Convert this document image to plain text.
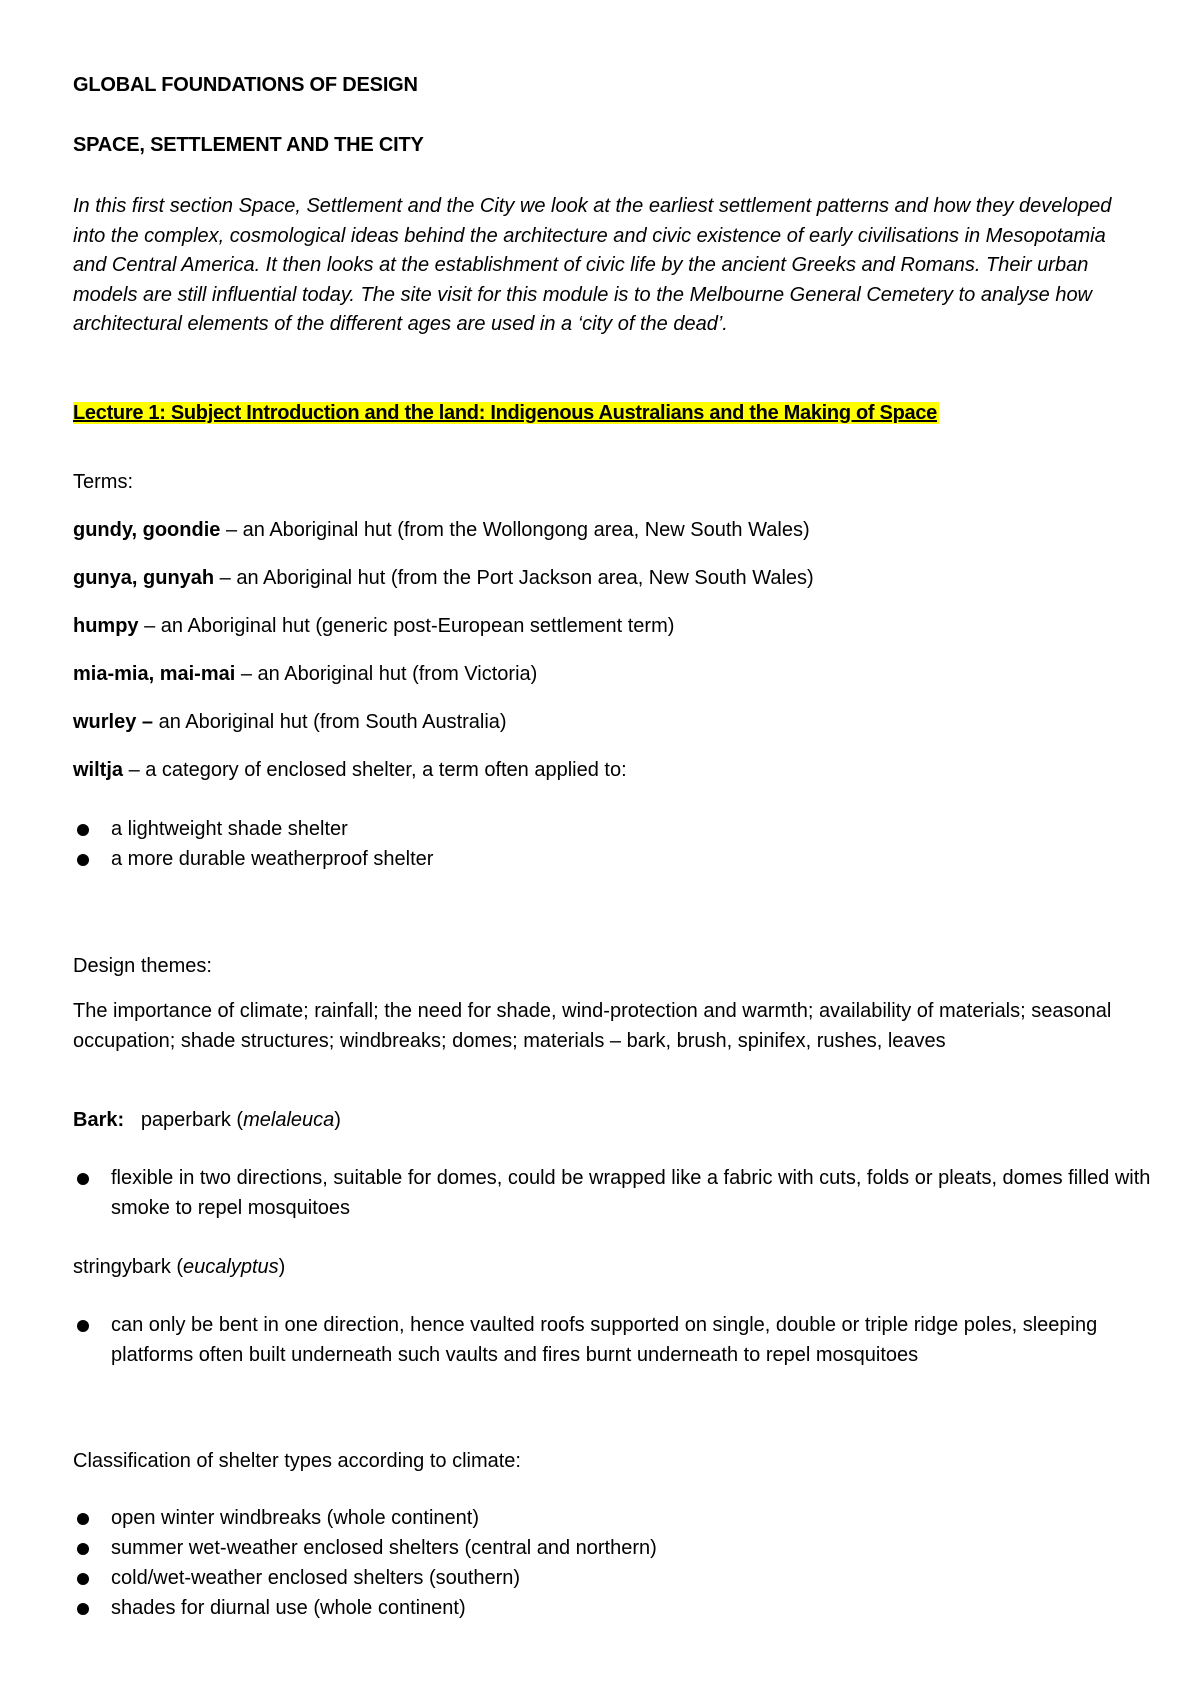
GLOBAL FOUNDATIONS OF DESIGN

SPACE, SETTLEMENT AND THE CITY

In this first section Space, Settlement and the City we look at the earliest settlement patterns and how they developed into the complex, cosmological ideas behind the architecture and civic existence of early civilisations in Mesopotamia and Central America. It then looks at the establishment of civic life by the ancient Greeks and Romans. Their urban models are still influential today. The site visit for this module is to the Melbourne General Cemetery to analyse how architectural elements of the different ages are used in a ‘city of the dead’.

Lecture 1: Subject Introduction and the land: Indigenous Australians and the Making of Space

Terms:

gundy, goondie – an Aboriginal hut (from the Wollongong area, New South Wales)

gunya, gunyah – an Aboriginal hut (from the Port Jackson area, New South Wales)

humpy – an Aboriginal hut (generic post-European settlement term)

mia-mia, mai-mai – an Aboriginal hut (from Victoria)

wurley – an Aboriginal hut (from South Australia)

wiltja – a category of enclosed shelter, a term often applied to:

a lightweight shade shelter
a more durable weatherproof shelter

Design themes:

The importance of climate; rainfall; the need for shade, wind-protection and warmth; availability of materials; seasonal occupation; shade structures; windbreaks; domes; materials – bark, brush, spinifex, rushes, leaves

Bark: paperbark (melaleuca)

flexible in two directions, suitable for domes, could be wrapped like a fabric with cuts, folds or pleats, domes filled with smoke to repel mosquitoes

stringybark (eucalyptus)

can only be bent in one direction, hence vaulted roofs supported on single, double or triple ridge poles, sleeping platforms often built underneath such vaults and fires burnt underneath to repel mosquitoes

Classification of shelter types according to climate:

open winter windbreaks (whole continent)
summer wet-weather enclosed shelters (central and northern)
cold/wet-weather enclosed shelters (southern)
shades for diurnal use (whole continent)
